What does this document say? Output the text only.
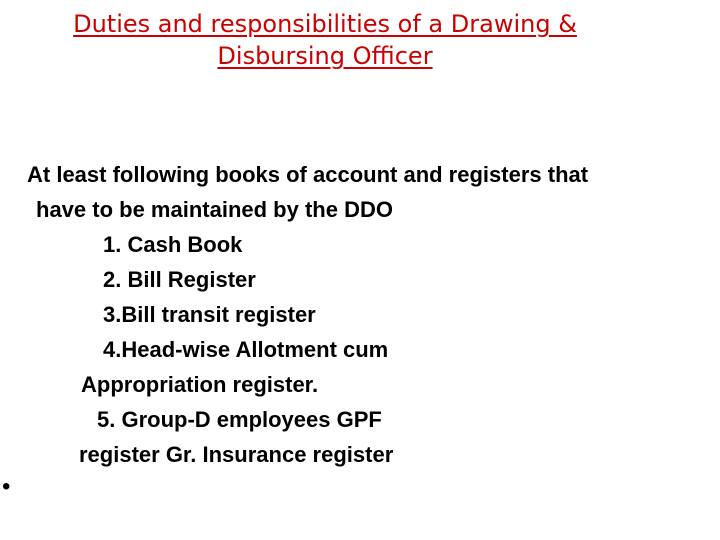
Duties and responsibilities of a Drawing &
Disbursing Officer
At least following books of account and registers that
have to be maintained by the DDO
1. Cash Book
2. Bill Register
3.Bill transit register
4.Head-wise Allotment cum
Appropriation register.
5. Group-D employees GPF
register Gr. Insurance register
•
